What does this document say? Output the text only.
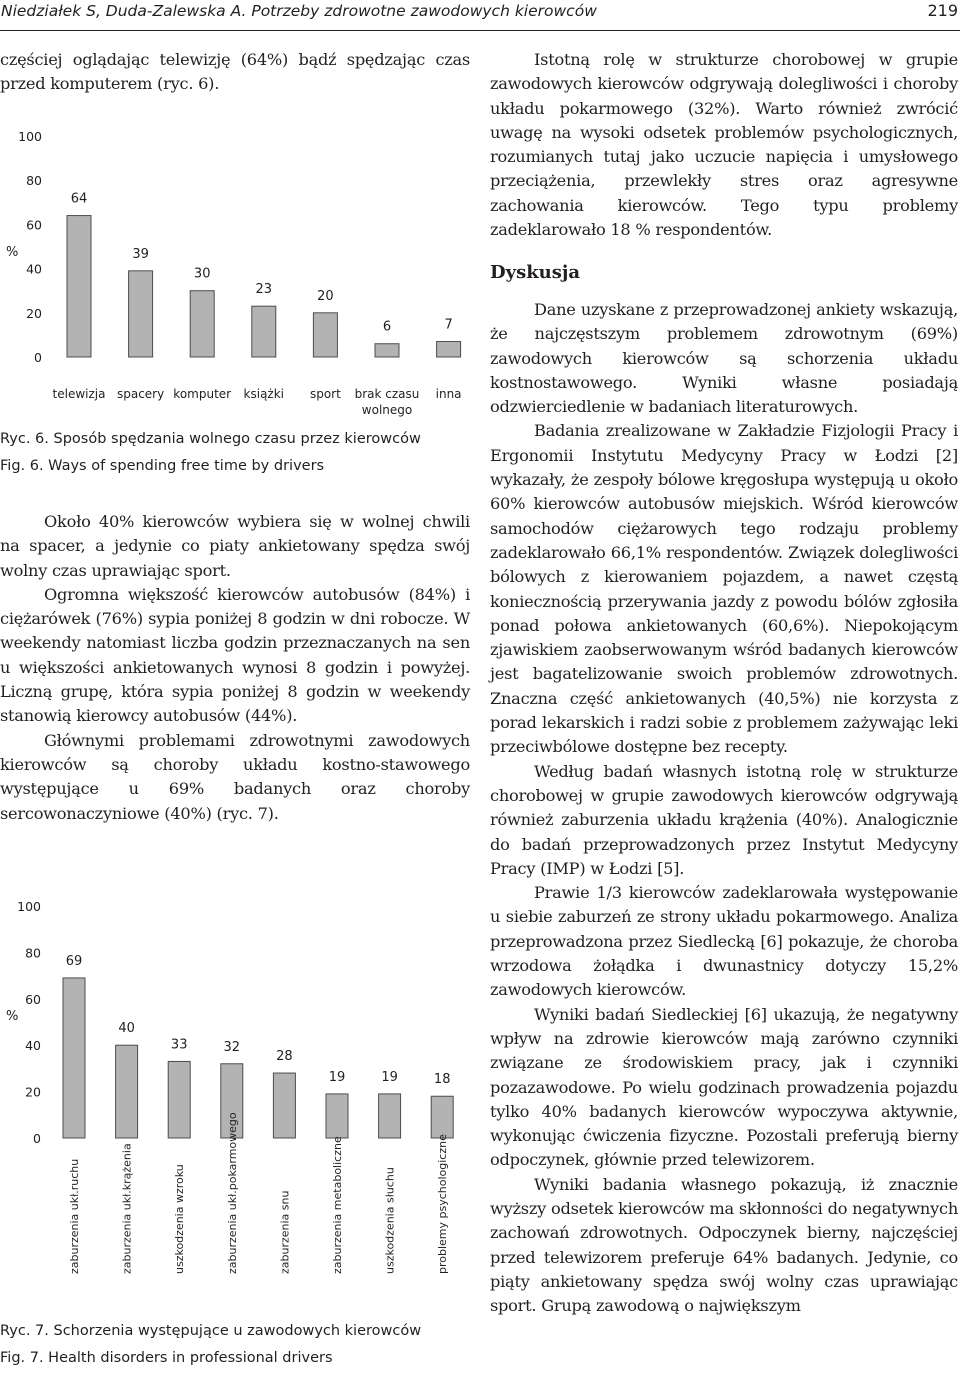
Niedziałek S, Duda-Zalewska A. Potrzeby zdrowotne zawodowych kierowców	219

częściej oglądając telewizję (64%) bądź spędzając czas przed komputerem (ryc. 6).

0
20
40
60
80
100
%
64
telewizja
39
spacery
30
komputer
23
książki
20
sport
6
brak czasu wolnego
7
inna
Ryc. 6. Sposób spędzania wolnego czasu przez kierowców
Fig. 6. Ways of spending free time by drivers

Około 40% kierowców wybiera się w wolnej chwili na spacer, a jedynie co piaty ankietowany spędza swój wolny czas uprawiając sport.

Ogromna większość kierowców autobusów (84%) i ciężarówek (76%) sypia poniżej 8 godzin w dni robocze. W weekendy natomiast liczba godzin przeznaczanych na sen u większości ankietowanych wynosi 8 godzin i powyżej. Liczną grupę, która sypia poniżej 8 godzin w weekendy stanowią kierowcy autobusów (44%).

Głównymi problemami zdrowotnymi zawodowych kierowców są choroby układu kostno-stawowego występujące u 69% badanych oraz choroby sercowonaczyniowe (40%) (ryc. 7).

0
20
40
60
80
100
%
69
zaburzenia ukł.ruchu
40
zaburzenia ukł.krążenia
33
uszkodzenia wzroku
32
zaburzenia ukł.pokarmowego
28
zaburzenia snu
19
zaburzenia metaboliczne
19
uszkodzenia słuchu
18
problemy psychologiczne
Ryc. 7. Schorzenia występujące u zawodowych kierowców
Fig. 7. Health disorders in professional drivers

Istotną rolę w strukturze chorobowej w grupie zawodowych kierowców odgrywają dolegliwości i choroby układu pokarmowego (32%). Warto również zwrócić uwagę na wysoki odsetek problemów psychologicznych, rozumianych tutaj jako uczucie napięcia i umysłowego przeciążenia, przewlekły stres oraz agresywne zachowania kierowców. Tego typu problemy zadeklarowało 18 % respondentów.

Dyskusja

Dane uzyskane z przeprowadzonej ankiety wskazują, że najczęstszym problemem zdrowotnym (69%) zawodowych kierowców są schorzenia układu kostnostawowego. Wyniki własne posiadają odzwierciedlenie w badaniach literaturowych.

Badania zrealizowane w Zakładzie Fizjologii Pracy i Ergonomii Instytutu Medycyny Pracy w Łodzi [2] wykazały, że zespoły bólowe kręgosłupa występują u około 60% kierowców autobusów miejskich. Wśród kierowców samochodów ciężarowych tego rodzaju problemy zadeklarowało 66,1% respondentów. Związek dolegliwości bólowych z kierowaniem pojazdem, a nawet częstą koniecznością przerywania jazdy z powodu bólów zgłosiła ponad połowa ankietowanych (60,6%). Niepokojącym zjawiskiem zaobserwowanym wśród badanych kierowców jest bagatelizowanie swoich problemów zdrowotnych. Znaczna część ankietowanych (40,5%) nie korzysta z porad lekarskich i radzi sobie z problemem zażywając leki przeciwbólowe dostępne bez recepty.

Według badań własnych istotną rolę w strukturze chorobowej w grupie zawodowych kierowców odgrywają również zaburzenia układu krążenia (40%). Analogicznie do badań przeprowadzonych przez Instytut Medycyny Pracy (IMP) w Łodzi [5].

Prawie 1/3 kierowców zadeklarowała występowanie u siebie zaburzeń ze strony układu pokarmowego. Analiza przeprowadzona przez Siedlecką [6] pokazuje, że choroba wrzodowa żołądka i dwunastnicy dotyczy 15,2% zawodowych kierowców.

Wyniki badań Siedleckiej [6] ukazują, że negatywny wpływ na zdrowie kierowców mają zarówno czynniki związane ze środowiskiem pracy, jak i czynniki pozazawodowe. Po wielu godzinach prowadzenia pojazdu tylko 40% badanych kierowców wypoczywa aktywnie, wykonując ćwiczenia fizyczne. Pozostali preferują bierny odpoczynek, głównie przed telewizorem.

Wyniki badania własnego pokazują, iż znacznie wyższy odsetek kierowców ma skłonności do negatywnych zachowań zdrowotnych. Odpoczynek bierny, najczęściej przed telewizorem preferuje 64% badanych. Jedynie, co piąty ankietowany spędza swój wolny czas uprawiając sport. Grupą zawodową o największym
